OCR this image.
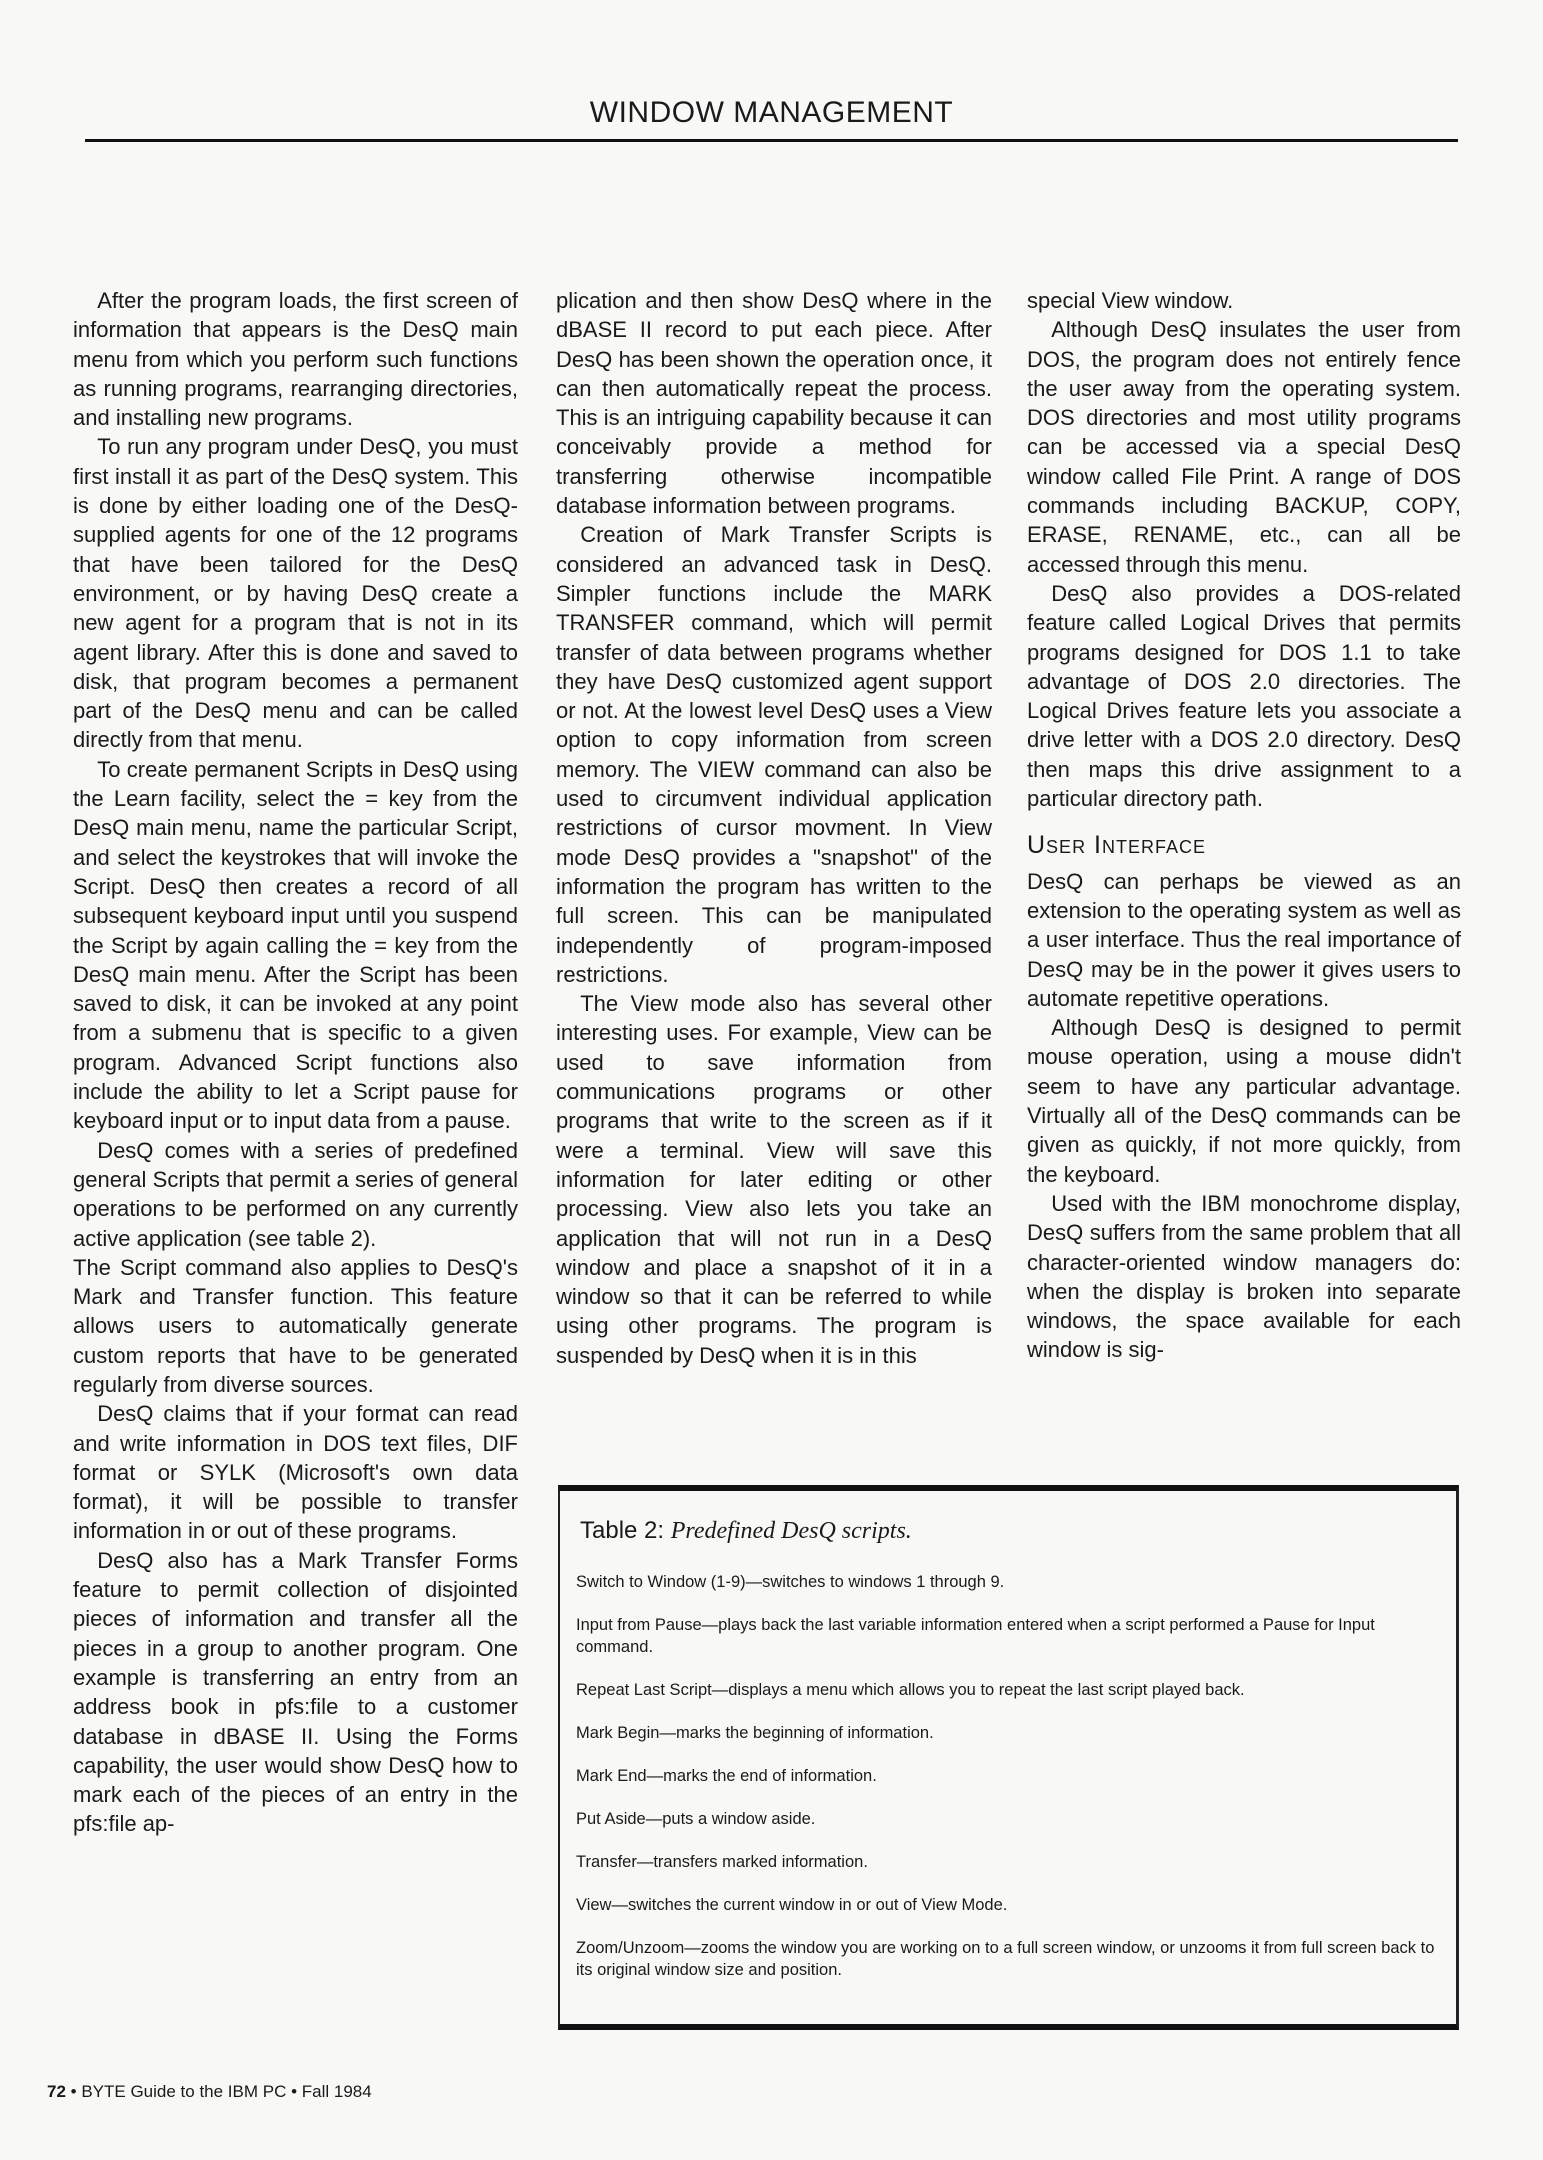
WINDOW MANAGEMENT

After the program loads, the first screen of information that appears is the DesQ main menu from which you perform such functions as running programs, rearranging directories, and installing new programs.

To run any program under DesQ, you must first install it as part of the DesQ system. This is done by either loading one of the DesQ-supplied agents for one of the 12 programs that have been tailored for the DesQ environment, or by having DesQ create a new agent for a program that is not in its agent library. After this is done and saved to disk, that program becomes a permanent part of the DesQ menu and can be called directly from that menu.

To create permanent Scripts in DesQ using the Learn facility, select the = key from the DesQ main menu, name the particular Script, and select the keystrokes that will invoke the Script. DesQ then creates a record of all subsequent keyboard input until you suspend the Script by again calling the = key from the DesQ main menu. After the Script has been saved to disk, it can be invoked at any point from a submenu that is specific to a given program. Advanced Script functions also include the ability to let a Script pause for keyboard input or to input data from a pause.

DesQ comes with a series of predefined general Scripts that permit a series of general operations to be performed on any currently active application (see table 2).

The Script command also applies to DesQ's Mark and Transfer function. This feature allows users to automatically generate custom reports that have to be generated regularly from diverse sources.

DesQ claims that if your format can read and write information in DOS text files, DIF format or SYLK (Microsoft's own data format), it will be possible to transfer information in or out of these programs.

DesQ also has a Mark Transfer Forms feature to permit collection of disjointed pieces of information and transfer all the pieces in a group to another program. One example is transferring an entry from an address book in pfs:file to a customer database in dBASE II. Using the Forms capability, the user would show DesQ how to mark each of the pieces of an entry in the pfs:file ap-

plication and then show DesQ where in the dBASE II record to put each piece. After DesQ has been shown the operation once, it can then automatically repeat the process. This is an intriguing capability because it can conceivably provide a method for transferring otherwise incompatible database information between programs.

Creation of Mark Transfer Scripts is considered an advanced task in DesQ. Simpler functions include the MARK TRANSFER command, which will permit transfer of data between programs whether they have DesQ customized agent support or not. At the lowest level DesQ uses a View option to copy information from screen memory. The VIEW command can also be used to circumvent individual application restrictions of cursor movment. In View mode DesQ provides a "snapshot" of the information the program has written to the full screen. This can be manipulated independently of program-imposed restrictions.

The View mode also has several other interesting uses. For example, View can be used to save information from communications programs or other programs that write to the screen as if it were a terminal. View will save this information for later editing or other processing. View also lets you take an application that will not run in a DesQ window and place a snapshot of it in a window so that it can be referred to while using other programs. The program is suspended by DesQ when it is in this

special View window.

Although DesQ insulates the user from DOS, the program does not entirely fence the user away from the operating system. DOS directories and most utility programs can be accessed via a special DesQ window called File Print. A range of DOS commands including BACKUP, COPY, ERASE, RENAME, etc., can all be accessed through this menu.

DesQ also provides a DOS-related feature called Logical Drives that permits programs designed for DOS 1.1 to take advantage of DOS 2.0 directories. The Logical Drives feature lets you associate a drive letter with a DOS 2.0 directory. DesQ then maps this drive assignment to a particular directory path.

User Interface

DesQ can perhaps be viewed as an extension to the operating system as well as a user interface. Thus the real importance of DesQ may be in the power it gives users to automate repetitive operations.

Although DesQ is designed to permit mouse operation, using a mouse didn't seem to have any particular advantage. Virtually all of the DesQ commands can be given as quickly, if not more quickly, from the keyboard.

Used with the IBM monochrome display, DesQ suffers from the same problem that all character-oriented window managers do: when the display is broken into separate windows, the space available for each window is sig-

Table 2: Predefined DesQ scripts.
Switch to Window (1-9)—switches to windows 1 through 9.
Input from Pause—plays back the last variable information entered when a script performed a Pause for Input command.
Repeat Last Script—displays a menu which allows you to repeat the last script played back.
Mark Begin—marks the beginning of information.
Mark End—marks the end of information.
Put Aside—puts a window aside.
Transfer—transfers marked information.
View—switches the current window in or out of View Mode.
Zoom/Unzoom—zooms the window you are working on to a full screen window, or unzooms it from full screen back to its original window size and position.
72 • BYTE Guide to the IBM PC • Fall 1984
